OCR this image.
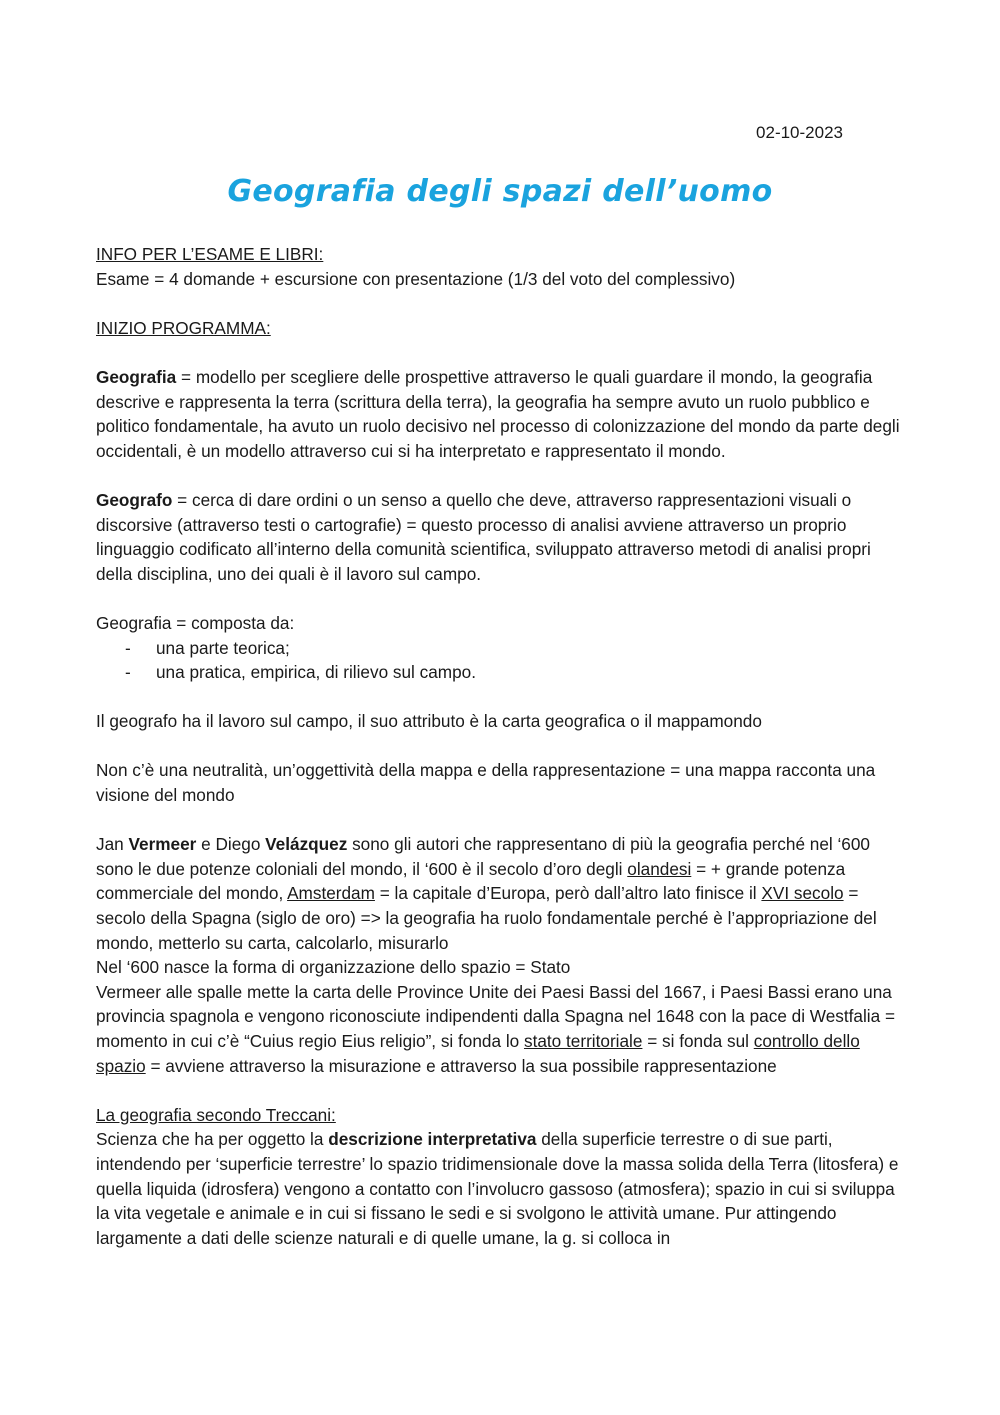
02-10-2023
Geografia degli spazi dell’uomo

INFO PER L’ESAME E LIBRI:

Esame = 4 domande + escursione con presentazione (1/3 del voto del complessivo)

INIZIO PROGRAMMA:

Geografia = modello per scegliere delle prospettive attraverso le quali guardare il mondo, la geografia descrive e rappresenta la terra (scrittura della terra), la geografia ha sempre avuto un ruolo pubblico e politico fondamentale, ha avuto un ruolo decisivo nel processo di colonizzazione del mondo da parte degli occidentali, è un modello attraverso cui si ha interpretato e rappresentato il mondo.

Geografo = cerca di dare ordini o un senso a quello che deve, attraverso rappresentazioni visuali o discorsive (attraverso testi o cartografie) = questo processo di analisi avviene attraverso un proprio linguaggio codificato all’interno della comunità scientifica, sviluppato attraverso metodi di analisi propri della disciplina, uno dei quali è il lavoro sul campo.

Geografia = composta da:

- una parte teorica;
- una pratica, empirica, di rilievo sul campo.

Il geografo ha il lavoro sul campo, il suo attributo è la carta geografica o il mappamondo

Non c’è una neutralità, un’oggettività della mappa e della rappresentazione = una mappa racconta una visione del mondo

Jan Vermeer e Diego Velázquez sono gli autori che rappresentano di più la geografia perché nel ‘600 sono le due potenze coloniali del mondo, il ‘600 è il secolo d’oro degli olandesi = + grande potenza commerciale del mondo, Amsterdam = la capitale d’Europa, però dall’altro lato finisce il XVI secolo = secolo della Spagna (siglo de oro) => la geografia ha ruolo fondamentale perché è l’appropriazione del mondo, metterlo su carta, calcolarlo, misurarlo

Nel ‘600 nasce la forma di organizzazione dello spazio = Stato

Vermeer alle spalle mette la carta delle Province Unite dei Paesi Bassi del 1667, i Paesi Bassi erano una provincia spagnola e vengono riconosciute indipendenti dalla Spagna nel 1648 con la pace di Westfalia = momento in cui c’è “Cuius regio Eius religio”, si fonda lo stato territoriale = si fonda sul controllo dello spazio = avviene attraverso la misurazione e attraverso la sua possibile rappresentazione

La geografia secondo Treccani:

Scienza che ha per oggetto la descrizione interpretativa della superficie terrestre o di sue parti, intendendo per ‘superficie terrestre’ lo spazio tridimensionale dove la massa solida della Terra (litosfera) e quella liquida (idrosfera) vengono a contatto con l’involucro gassoso (atmosfera); spazio in cui si sviluppa la vita vegetale e animale e in cui si fissano le sedi e si svolgono le attività umane. Pur attingendo largamente a dati delle scienze naturali e di quelle umane, la g. si colloca in
